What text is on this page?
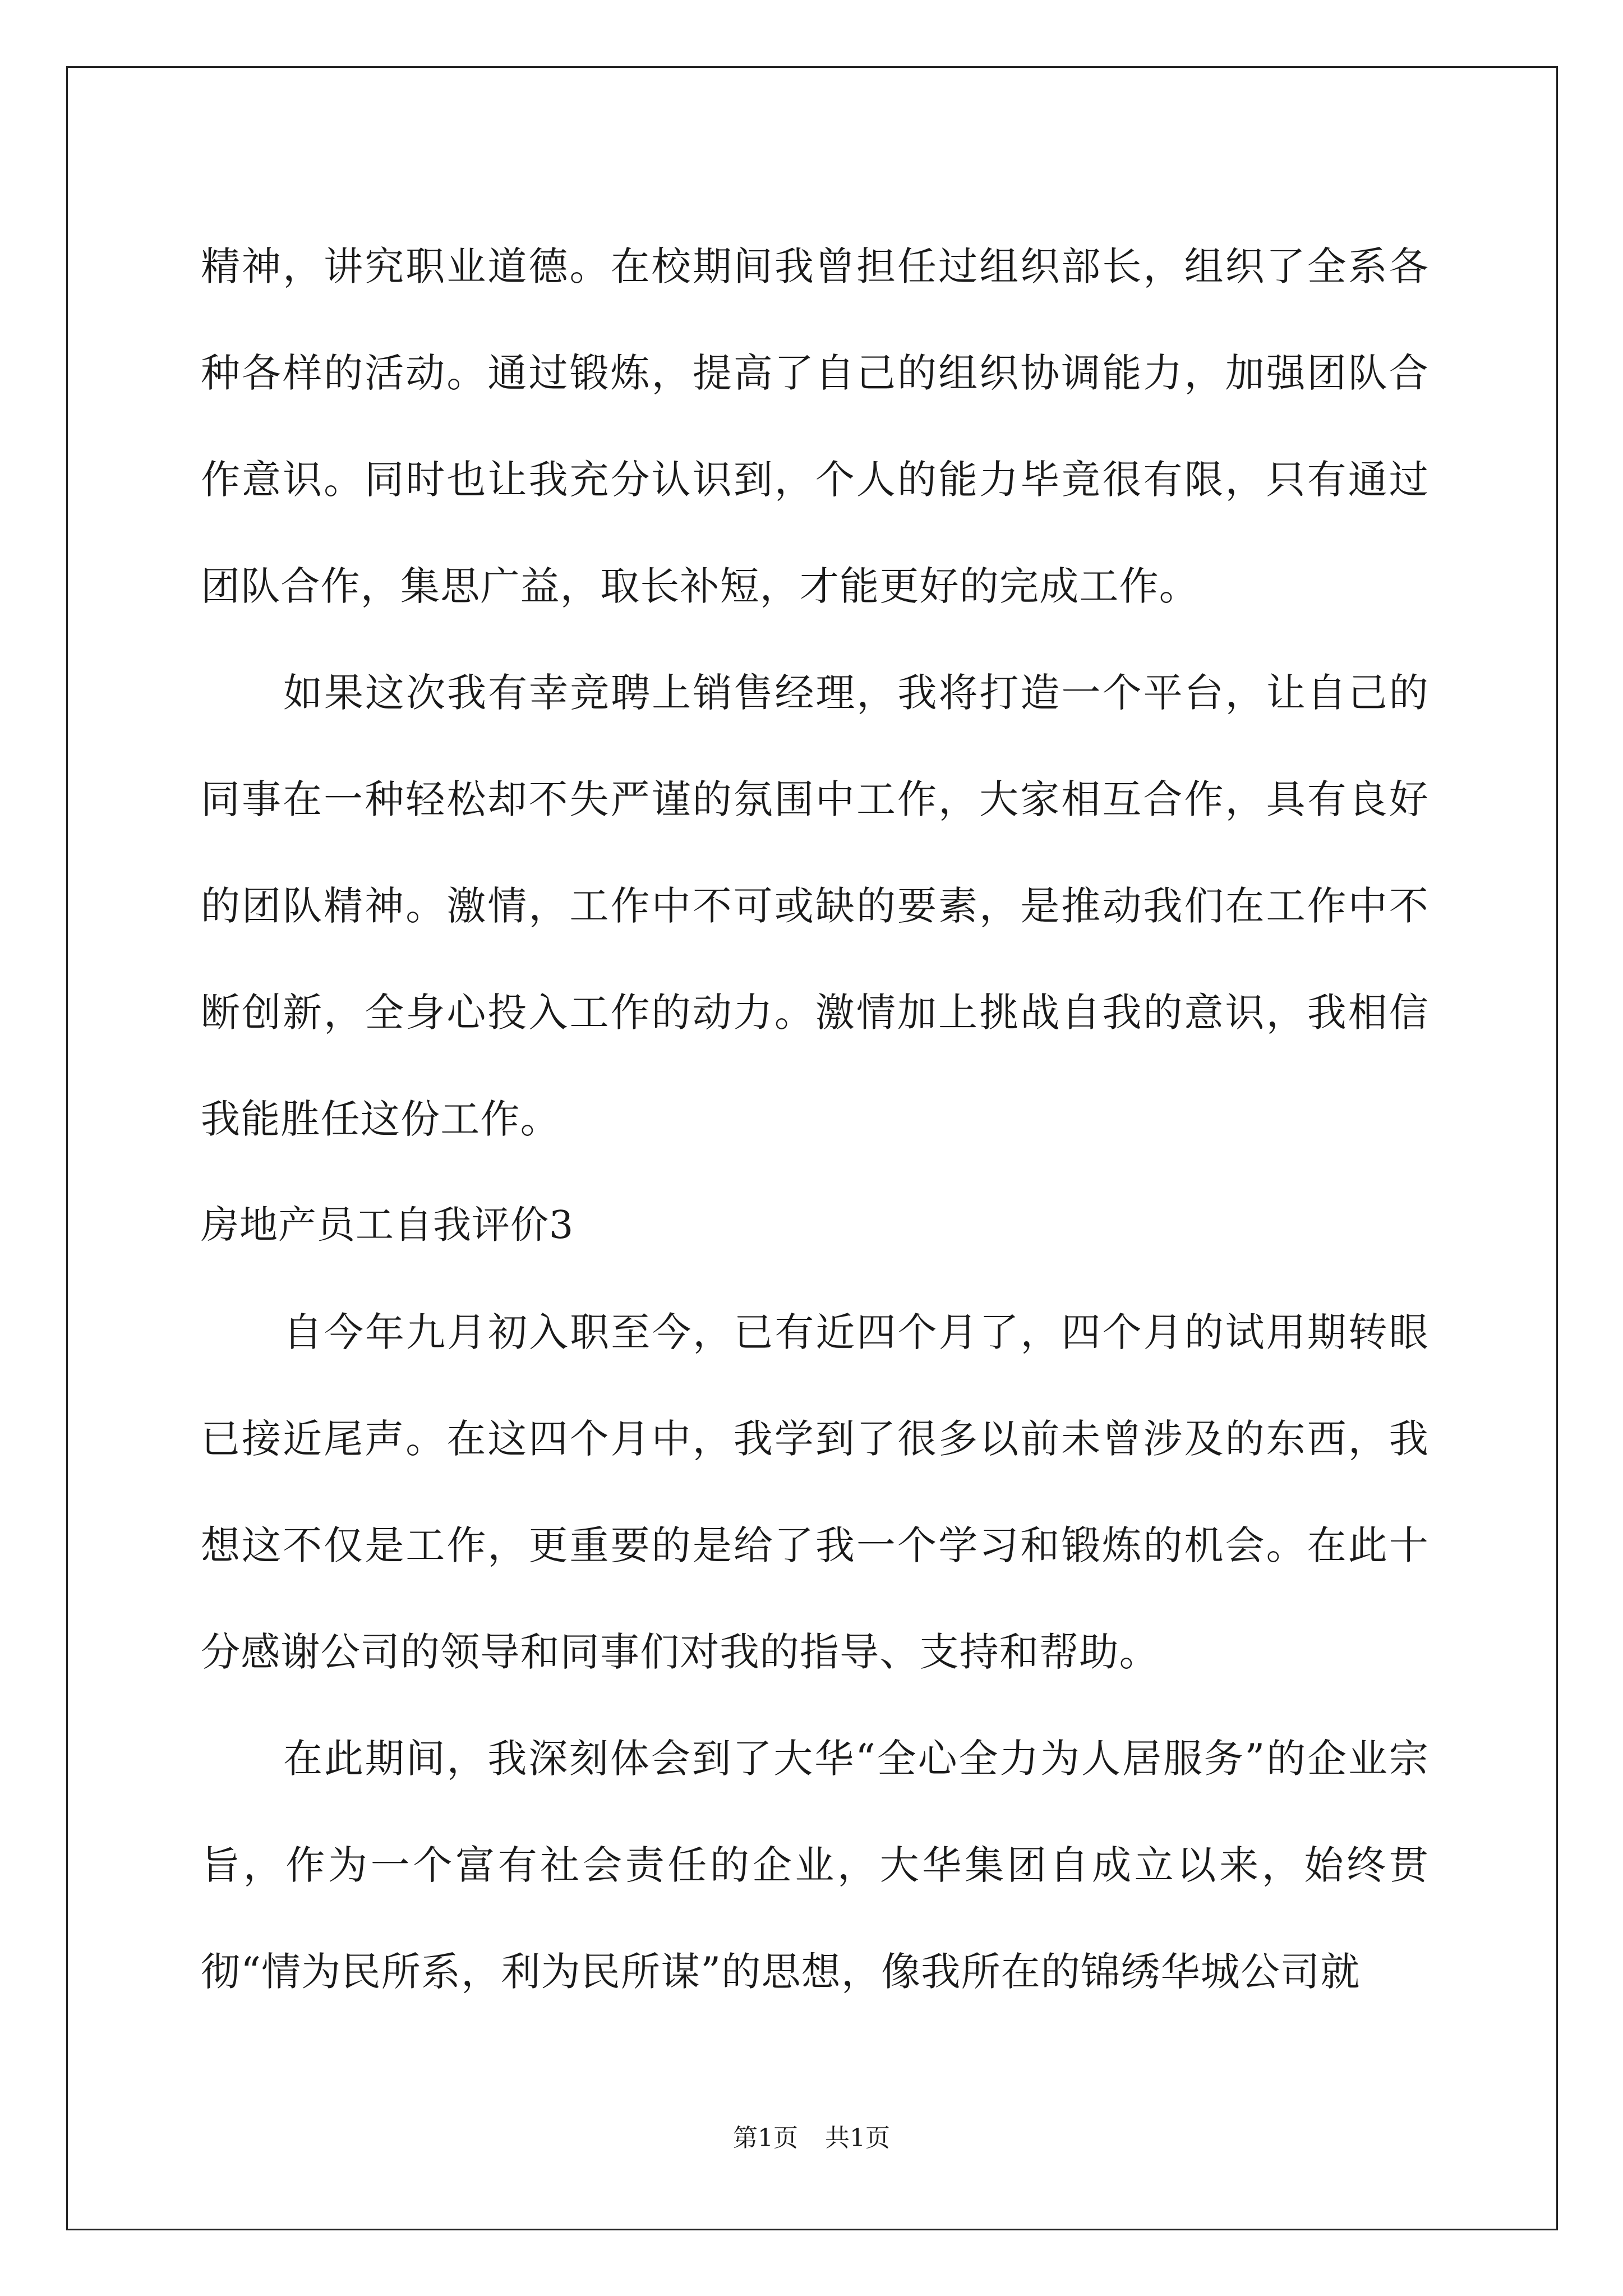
精神，讲究职业道德。在校期间我曾担任过组织部长，组织了全系各种各样的活动。通过锻炼，提高了自己的组织协调能力，加强团队合作意识。同时也让我充分认识到，个人的能力毕竟很有限，只有通过团队合作，集思广益，取长补短，才能更好的完成工作。

如果这次我有幸竞聘上销售经理，我将打造一个平台，让自己的同事在一种轻松却不失严谨的氛围中工作，大家相互合作，具有良好的团队精神。激情，工作中不可或缺的要素，是推动我们在工作中不断创新，全身心投入工作的动力。激情加上挑战自我的意识，我相信我能胜任这份工作。

房地产员工自我评价3

自今年九月初入职至今，已有近四个月了，四个月的试用期转眼已接近尾声。在这四个月中，我学到了很多以前未曾涉及的东西，我想这不仅是工作，更重要的是给了我一个学习和锻炼的机会。在此十分感谢公司的领导和同事们对我的指导、支持和帮助。

在此期间，我深刻体会到了大华“全心全力为人居服务”的企业宗旨，作为一个富有社会责任的企业，大华集团自成立以来，始终贯彻“情为民所系，利为民所谋”的思想，像我所在的锦绣华城公司就

第1页 共1页
